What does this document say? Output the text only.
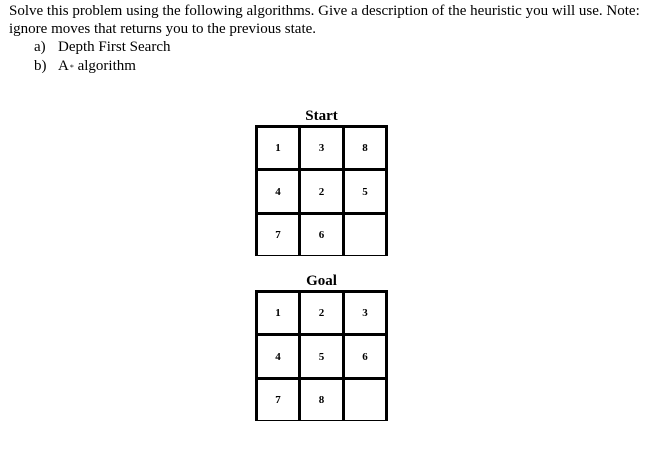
Solve this problem using the following algorithms. Give a description of the heuristic you will use. Note:
ignore moves that returns you to the previous state.

a) Depth First Search
b) A* algorithm
Start
1	3	8
4	2	5
7	6
Goal
1	2	3
4	5	6
7	8
